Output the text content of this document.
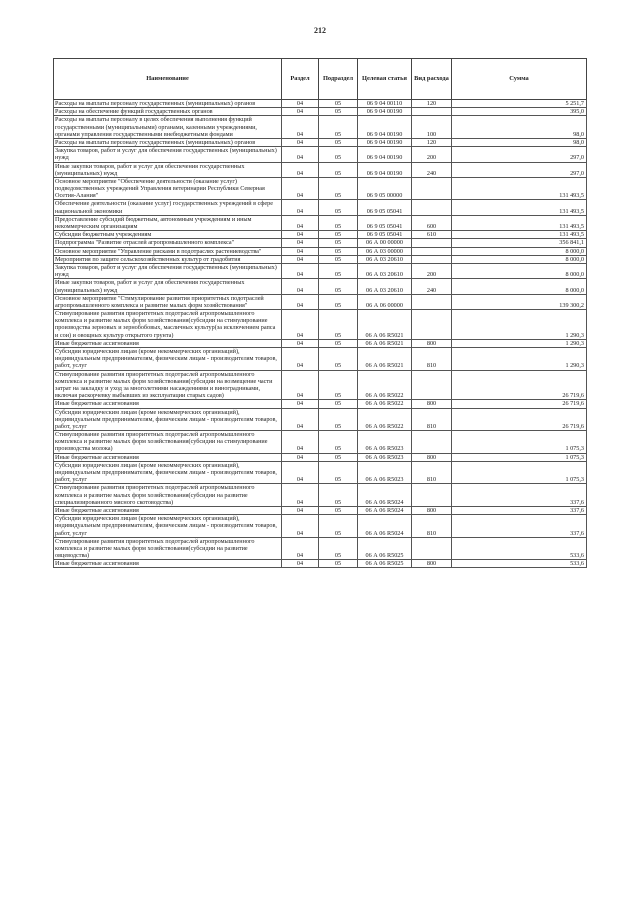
212
Наименование	Раздел	Подраздел	Целевая статья	Вид расхода	Сумма
Расходы на выплаты персоналу государственных (муниципальных) органов	04	05	06 9 04 00110	120	5 251,7
Расходы на обеспечение функций государственных органов	04	05	06 9 04 00190		395,0
Расходы на выплаты персоналу в целях обеспечения выполнения функций государственными (муниципальными) органами, казенными учреждениями, органами управления государственными внебюджетными фондами	04	05	06 9 04 00190	100	98,0
Расходы на выплаты персоналу государственных (муниципальных) органов	04	05	06 9 04 00190	120	98,0
Закупка товаров, работ и услуг для обеспечения государственных (муниципальных) нужд	04	05	06 9 04 00190	200	297,0
Иные закупки товаров, работ и услуг для обеспечения государственных (муниципальных) нужд	04	05	06 9 04 00190	240	297,0
Основное мероприятие "Обеспечение деятельности (оказание услуг) подведомственных учреждений Управления ветеринарии Республики Северная Осетия-Алания"	04	05	06 9 05 00000		131 493,5
Обеспечение деятельности (оказание услуг) государственных учреждений в сфере национальной экономики	04	05	06 9 05 05041		131 493,5
Предоставление субсидий бюджетным, автономным учреждениям и иным некоммерческим организациям	04	05	06 9 05 05041	600	131 493,5
Субсидии бюджетным учреждениям	04	05	06 9 05 05041	610	131 493,5
Подпрограмма "Развитие отраслей агропромышленного комплекса"	04	05	06 А 00 00000		356 841,1
Основное мероприятие "Управление рисками в подотраслях растениеводства"	04	05	06 А 03 00000		8 000,0
Мероприятия по защите сельскохозяйственных культур от градобития	04	05	06 А 03 20610		8 000,0
Закупка товаров, работ и услуг для обеспечения государственных (муниципальных) нужд	04	05	06 А 03 20610	200	8 000,0
Иные закупки товаров, работ и услуг для обеспечения государственных (муниципальных) нужд	04	05	06 А 03 20610	240	8 000,0
Основное мероприятие "Стимулирование развития приоритетных подотраслей агропромышленного комплекса и развитие малых форм хозяйствования"	04	05	06 А 06 00000		139 300,2
Стимулирование развития приоритетных подотраслей агропромышленного комплекса и развитие малых форм хозяйствования(субсидии на стимулирование производства зерновых и зернобобовых, масличных культур(за исключением рапса и сои) и овощных культур открытого грунта)	04	05	06 А 06 R5021		1 290,3
Иные бюджетные ассигнования	04	05	06 А 06 R5021	800	1 290,3
Субсидии юридическим лицам (кроме некоммерческих организаций), индивидуальным предпринимателям, физическим лицам - производителям товаров, работ, услуг	04	05	06 А 06 R5021	810	1 290,3
Стимулирование развития приоритетных подотраслей агропромышленного комплекса и развитие малых форм хозяйствования(субсидии на возмещение части затрат на закладку и уход за многолетними насаждениями и виноградниками, включая раскорчевку выбывших из эксплуатации старых садов)	04	05	06 А 06 R5022		26 719,6
Иные бюджетные ассигнования	04	05	06 А 06 R5022	800	26 719,6
Субсидии юридическим лицам (кроме некоммерческих организаций), индивидуальным предпринимателям, физическим лицам - производителям товаров, работ, услуг	04	05	06 А 06 R5022	810	26 719,6
Стимулирование развития приоритетных подотраслей агропромышленного комплекса и развитие малых форм хозяйствования(субсидии на стимулирование производства молока)	04	05	06 А 06 R5023		1 075,3
Иные бюджетные ассигнования	04	05	06 А 06 R5023	800	1 075,3
Субсидии юридическим лицам (кроме некоммерческих организаций), индивидуальным предпринимателям, физическим лицам - производителям товаров, работ, услуг	04	05	06 А 06 R5023	810	1 075,3
Стимулирование развития приоритетных подотраслей агропромышленного комплекса и развитие малых форм хозяйствования(субсидии на развитие специализированного мясного скотоводства)	04	05	06 А 06 R5024		337,6
Иные бюджетные ассигнования	04	05	06 А 06 R5024	800	337,6
Субсидии юридическим лицам (кроме некоммерческих организаций), индивидуальным предпринимателям, физическим лицам - производителям товаров, работ, услуг	04	05	06 А 06 R5024	810	337,6
Стимулирование развития приоритетных подотраслей агропромышленного комплекса и развитие малых форм хозяйствования(субсидии на развитие овцеводства)	04	05	06 А 06 R5025		533,6
Иные бюджетные ассигнования	04	05	06 А 06 R5025	800	533,6
